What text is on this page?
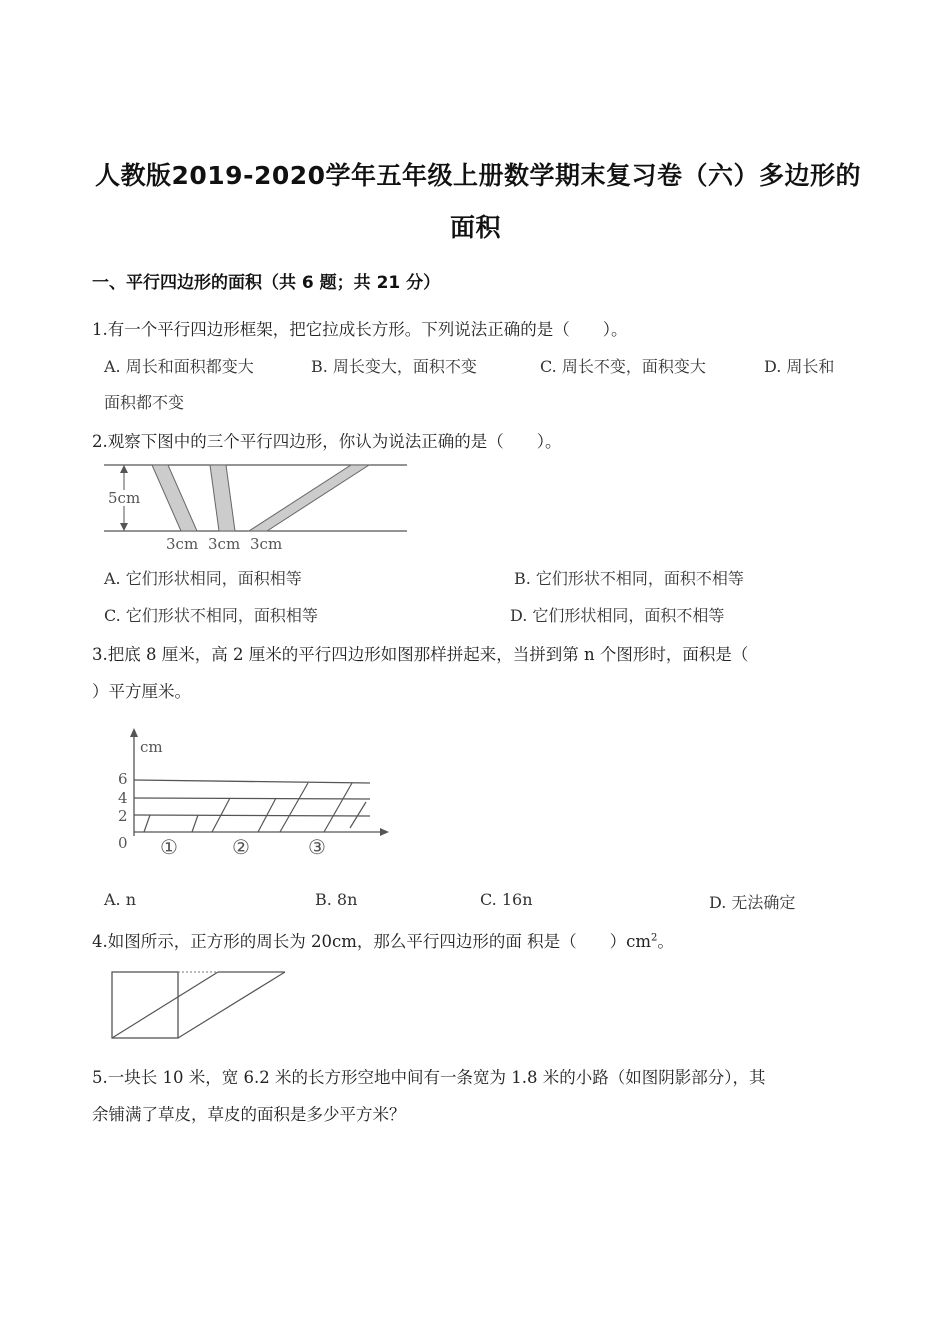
人教版2019-2020学年五年级上册数学期末复习卷（六）多边形的
面积
一、平行四边形的面积（共 6 题；共 21 分）
1.有一个平行四边形框架，把它拉成长方形。下列说法正确的是（　　）。
A. 周长和面积都变大	B. 周长变大，面积不变	C. 周长不变，面积变大	D. 周长和
面积都不变
2.观察下图中的三个平行四边形，你认为说法正确的是（　　）。
5cm
3cm 3cm 3cm
A. 它们形状相同，面积相等	B. 它们形状不相同，面积不相等
C. 它们形状不相同，面积相等	D. 它们形状相同，面积不相等
3.把底 8 厘米，高 2 厘米的平行四边形如图那样拼起来，当拼到第 n 个图形时，面积是（
）平方厘米。
cm
6
4
2
0 ①	②	③
A. n	B. 8n	C. 16n	D. 无法确定
4.如图所示，正方形的周长为 20cm，那么平行四边形的面 积是（　　）$cm^2$。
5.一块长 10 米，宽 6.2 米的长方形空地中间有一条宽为 1.8 米的小路（如图阴影部分），其
余铺满了草皮，草皮的面积是多少平方米？
